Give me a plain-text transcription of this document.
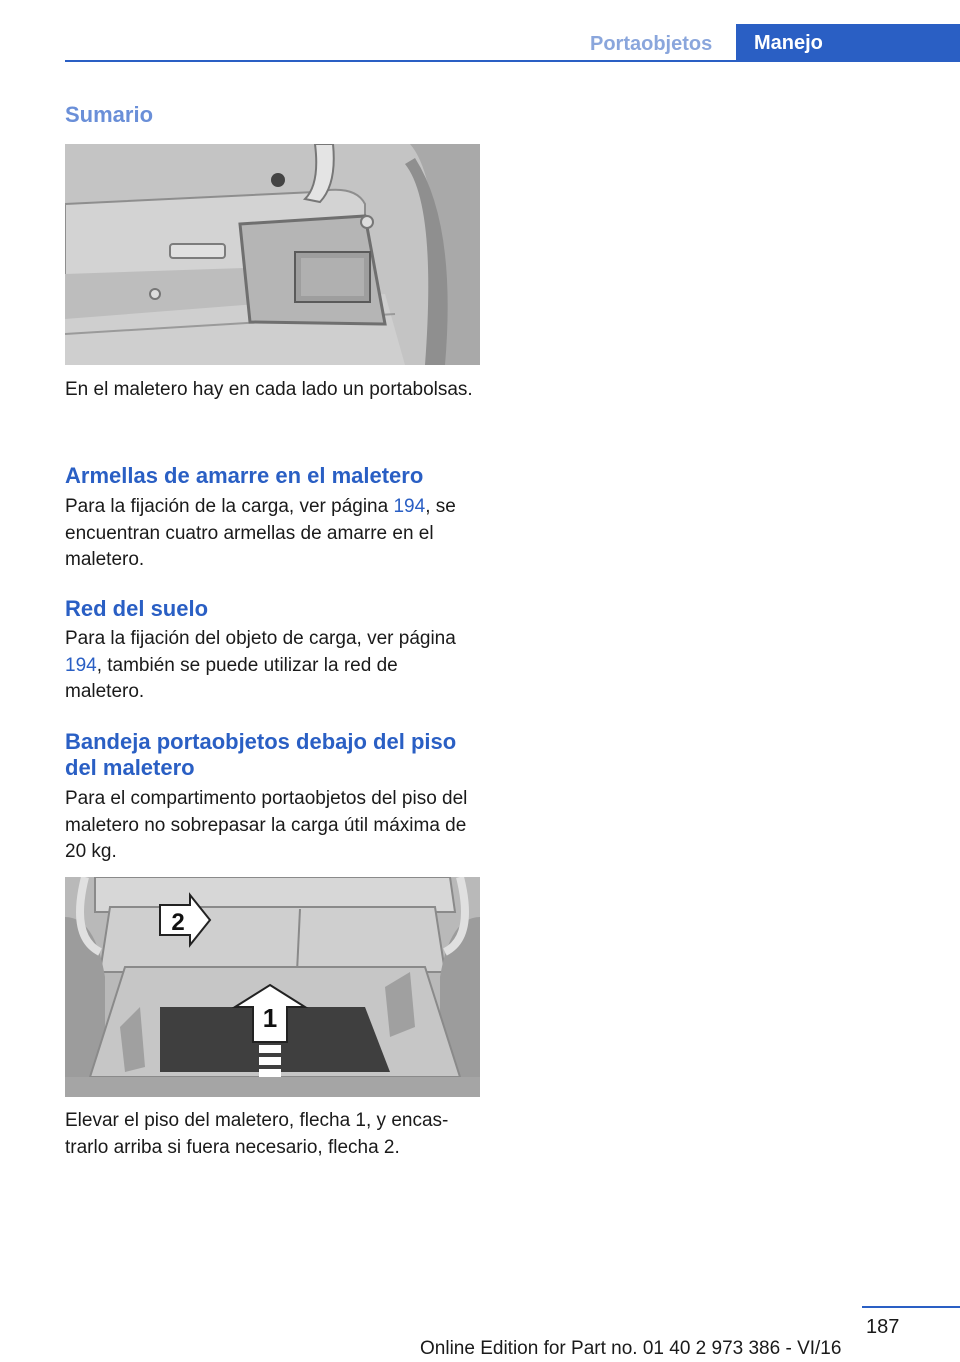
Portaobjetos	Manejo
Sumario

En el maletero hay en cada lado un portabolsas.

Armellas de amarre en el maletero

Para la fijación de la carga, ver página 194, se encuentran cuatro armellas de amarre en el maletero.

Red del suelo

Para la fijación del objeto de carga, ver página 194, también se puede utilizar la red de maletero.

Bandeja portaobjetos debajo del piso del maletero

Para el compartimento portaobjetos del piso del maletero no sobrepasar la carga útil máxima de 20 kg.

1
2

Elevar el piso del maletero, flecha 1, y encastrarlo arriba si fuera necesario, flecha 2.

187
Online Edition for Part no. 01 40 2 973 386 - VI/16
